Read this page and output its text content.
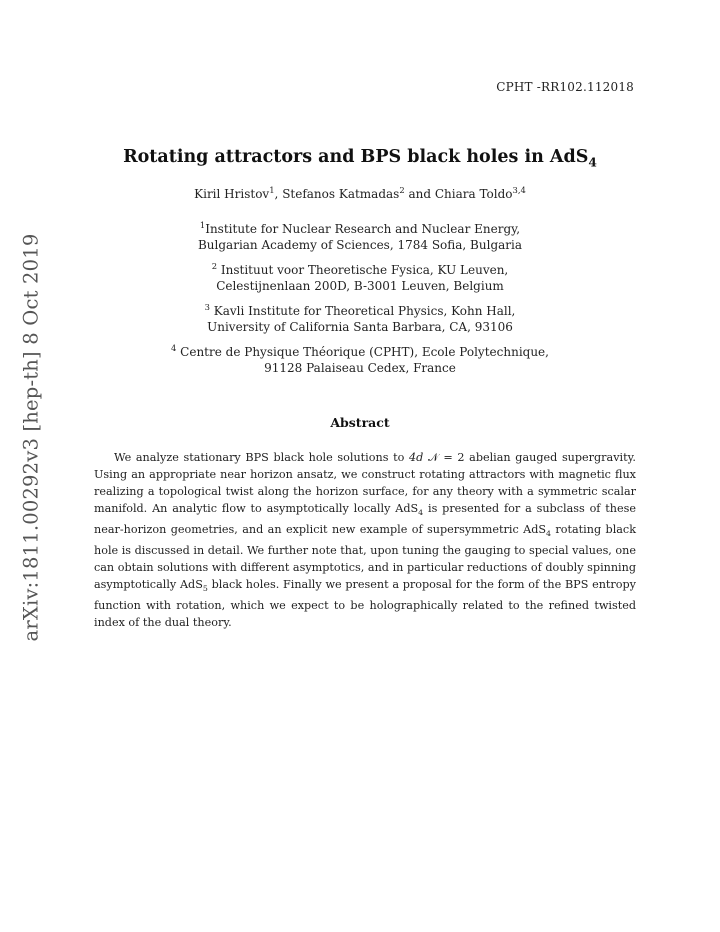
CPHT -RR102.112018
arXiv:1811.00292v3 [hep-th] 8 Oct 2019
Rotating attractors and BPS black holes in AdS$_4$
Kiril Hristov$^1$, Stefanos Katmadas$^2$ and Chiara Toldo$^{3,4}$
$^1$Institute for Nuclear Research and Nuclear Energy,
Bulgarian Academy of Sciences, 1784 Sofia, Bulgaria
$^2$ Instituut voor Theoretische Fysica, KU Leuven,
Celestijnenlaan 200D, B-3001 Leuven, Belgium
$^3$ Kavli Institute for Theoretical Physics, Kohn Hall,
University of California Santa Barbara, CA, 93106
$^4$ Centre de Physique Théorique (CPHT), Ecole Polytechnique,
91128 Palaiseau Cedex, France
Abstract
We analyze stationary BPS black hole solutions to 4d 𝒩 = 2 abelian gauged supergravity. Using an appropriate near horizon ansatz, we construct rotating attractors with magnetic flux realizing a topological twist along the horizon surface, for any theory with a symmetric scalar manifold. An analytic flow to asymptotically locally AdS$_4$ is presented for a subclass of these near-horizon geometries, and an explicit new example of supersymmetric AdS$_4$ rotating black hole is discussed in detail. We further note that, upon tuning the gauging to special values, one can obtain solutions with different asymptotics, and in particular reductions of doubly spinning asymptotically AdS$_5$ black holes. Finally we present a proposal for the form of the BPS entropy function with rotation, which we expect to be holographically related to the refined twisted index of the dual theory.
